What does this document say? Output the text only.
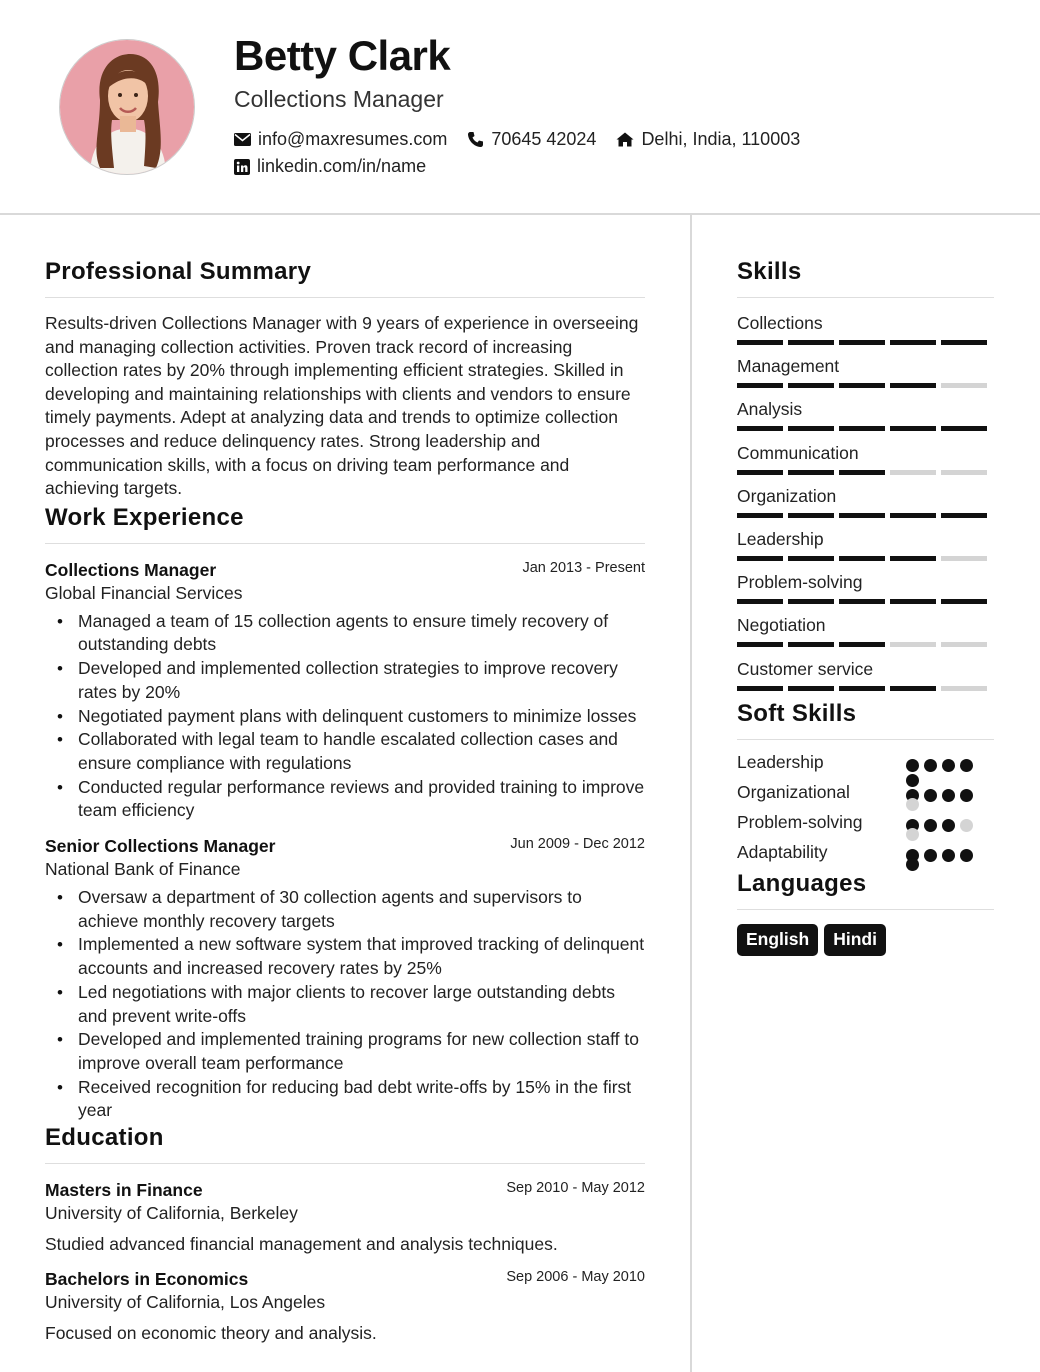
Betty Clark
Collections Manager
info@maxresumes.com 70645 42024	Delhi, India, 110003
linkedin.com/in/name
Professional Summary

Results-driven Collections Manager with 9 years of experience in overseeing and managing collection activities. Proven track record of increasing collection rates by 20% through implementing efficient strategies. Skilled in developing and maintaining relationships with clients and vendors to ensure timely payments. Adept at analyzing data and trends to optimize collection processes and reduce delinquency rates. Strong leadership and communication skills, with a focus on driving team performance and achieving targets.

Work Experience
Collections Manager	Jan 2013 - Present
Global Financial Services
• Managed a team of 15 collection agents to ensure timely recovery of outstanding debts
• Developed and implemented collection strategies to improve recovery rates by 20%
• Negotiated payment plans with delinquent customers to minimize losses
• Collaborated with legal team to handle escalated collection cases and ensure compliance with regulations
• Conducted regular performance reviews and provided training to improve team efficiency
Senior Collections Manager	Jun 2009 - Dec 2012
National Bank of Finance
• Oversaw a department of 30 collection agents and supervisors to achieve monthly recovery targets
• Implemented a new software system that improved tracking of delinquent accounts and increased recovery rates by 25%
• Led negotiations with major clients to recover large outstanding debts and prevent write-offs
• Developed and implemented training programs for new collection staff to improve overall team performance
• Received recognition for reducing bad debt write-offs by 15% in the first year
Education
Masters in Finance	Sep 2010 - May 2012
University of California, Berkeley
Studied advanced financial management and analysis techniques.
Bachelors in Economics	Sep 2006 - May 2010
University of California, Los Angeles
Focused on economic theory and analysis.
Skills
Collections
Management
Analysis
Communication
Organization
Leadership
Problem-solving
Negotiation
Customer service
Soft Skills
Leadership
Organizational
Problem-solving
Adaptability
Languages
English	Hindi
